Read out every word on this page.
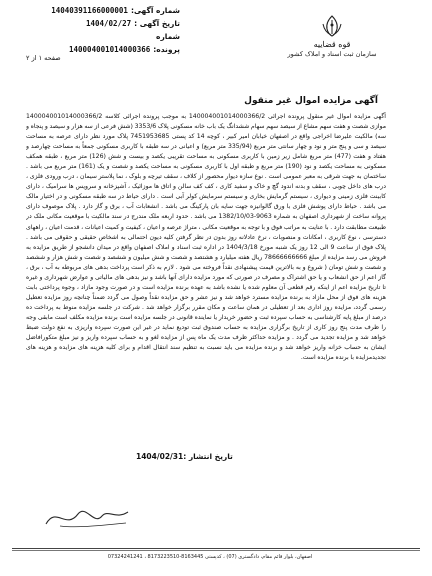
شماره آگهی:14040391166000001
تاریخ آگهی :1404/02/27
شماره پرونده:140004001014000366
قوه قضاییه
سازمان ثبت اسناد و املاک کشور
صفحه ۱ از ۲
آگهی مزایده اموال غیر منقول
آگهی مزایده اموال غیر منقول پرونده اجرائی 140004001014000366/2 به موجب پرونده اجرائی کلاسه 140004001014000366/2 موازی شصت و هفت سهم مشاع از سیصد سهم سهام ششدانگ یک باب خانه مسکونی پلاک 3353/6 (شش فرعی از سه هزار و سیصد و پنجاه و سه) مالکیت علیرضا اخراجی واقع در اصفهان خیابان امیر کبیر ، کوچه 14 کد پستی 7451953685 پلاک مورد نظر دارای عرصه به مساحت سیصد و سی و پنج متر و نود و چهار سانتی متر مربع (335/94 متر مربع) و اعیانی در سه طبقه با کاربری مسکونی جمعاً به مساحت چهارصد و هفتاد و هفت (477) متر مربع شامل زیر زمین با کاربری مسکونی به مساحت تقریبی یکصد و بیست و شش (126) متر مربع ، طبقه همکف مسکونی به مساحت یکصد و نود (190) متر مربع و طبقه اول با کاربری مسکونی به مساحت یکصد و شصت و یک (161) متر مربع می باشد . ساختمان به جهت شرقی به معبر عمومی است . نوع سازه دیوار محصور از کلاف ، سقف تیرچه و بلوک ، نما پلاستر سیمان ، درب ورودی فلزی ، درب های داخل چوبی ، سقف و بدنه اندود گچ و خاک و سفید کاری ، کف کف سالن و اتاق ها موزائیک ، آشپزخانه و سرویس ها سرامیک ، دارای کابینت فلزی زمینی و دیواری ، سیستم گرمایش بخاری و سیستم سرمایش کولر آبی است . دارای حیاط در سه طبقه مسکونی و در اختیار مالک می باشد . حیاط دارای پوشش فلزی با ورق گالوانیزه جهت سایه بان پارکینگ می باشد . انشعابات آب ، برق و گاز دارد . پلاک موصوف دارای پروانه ساخت از شهرداری اصفهان به شماره 9063-1382/10/03 می باشد . حدود اربعه ملک مندرج در سند مالکیت با موقعیت مکانی ملک در طبیعت مطابقت دارد . با عنایت به مراتب فوق و با توجه به موقعیت مکانی ، متراژ عرصه و اعیان ، کیفیت و کمیت اعیانات ، قدمت اعیان ، راههای دسترسی ، نوع کاربری ، امکانات و منصوبات ، نرخ عادلانه روز بدون در نظر گرفتن کلیه دیون احتمالی به اشخاص حقیقی و حقوقی می باشد . پلاک فوق از ساعت 9 الی 12 روز یک شنبه مورخ 1404/3/18 در اداره ثبت اسناد و املاک اصفهان واقع در میدان دانشجو از طریق مزایده به فروش می رسد مزایده از مبلغ 78666666666 ریال هفته میلیارد و هشتصد و شصت و شش میلیون و ششصد و شصت و شش هزار و ششصد و شصت و شش تومان ( شروع و به بالاترین قیمت پیشنهادی نقداً فروخته می شود . لازم به ذکر است پرداخت بدهی های مربوطه به آب ، برق ، گاز اعم از حق انشعاب و یا حق اشتراک و مصرف در صورتی که مورد مزایده دارای آنها باشد و نیز بدهی های مالیاتی و عوارض شهرداری و غیره تا تاریخ مزایده اعم از اینکه رقم قطعی آن معلوم شده یا نشده باشد به عهده برنده مزایده است و در صورت وجود مازاد ، وجوه پرداختی بابت هزینه های فوق از محل مازاد به برنده مزایده مسترد خواهد شد و نیز عشر و حق مزایده نقداً وصول می گردد ضمناً چنانچه روز مزایده تعطیل رسمی گردد، مزایده روز اداری بعد از تعطیلی در همان ساعت و مکان مقرر برگزار خواهد شد . شرکت در جلسه مزایده منوط به پرداخت ده درصد از مبلغ پایه کارشناسی به حساب سپرده ثبت و حضور خریدار یا نماینده قانونی در جلسه مزایده است برنده مزایده مکلف است مابقی وجه را ظرف مدت پنج روز کاری از تاریخ برگزاری مزایده به حساب صندوق ثبت تودیع نماید در غیر این صورت سپرده واریزی به نفع دولت ضبط خواهد شد و مزایده تجدید می گردد . و مزایده حداکثر ظرف مدت یک ماه پس از مزایده لغو و به حساب سپرده واریز و نیز مبلغ متکورافاضل ایشان به حساب خزانه واریز خواهد شد و برنده مزایده می باید نسبت به تنظیم سند انتقال اقدام و برای کلیه هزینه های مزایده و هزینه های تجدیدمزایده با برنده مزایده است.
تاریخ انتشار :1404/02/31
اصفهان، بلوار قائم مقام، دادگستری (07) ، کدپستی 8163445-8173223510 ، 07324241241
